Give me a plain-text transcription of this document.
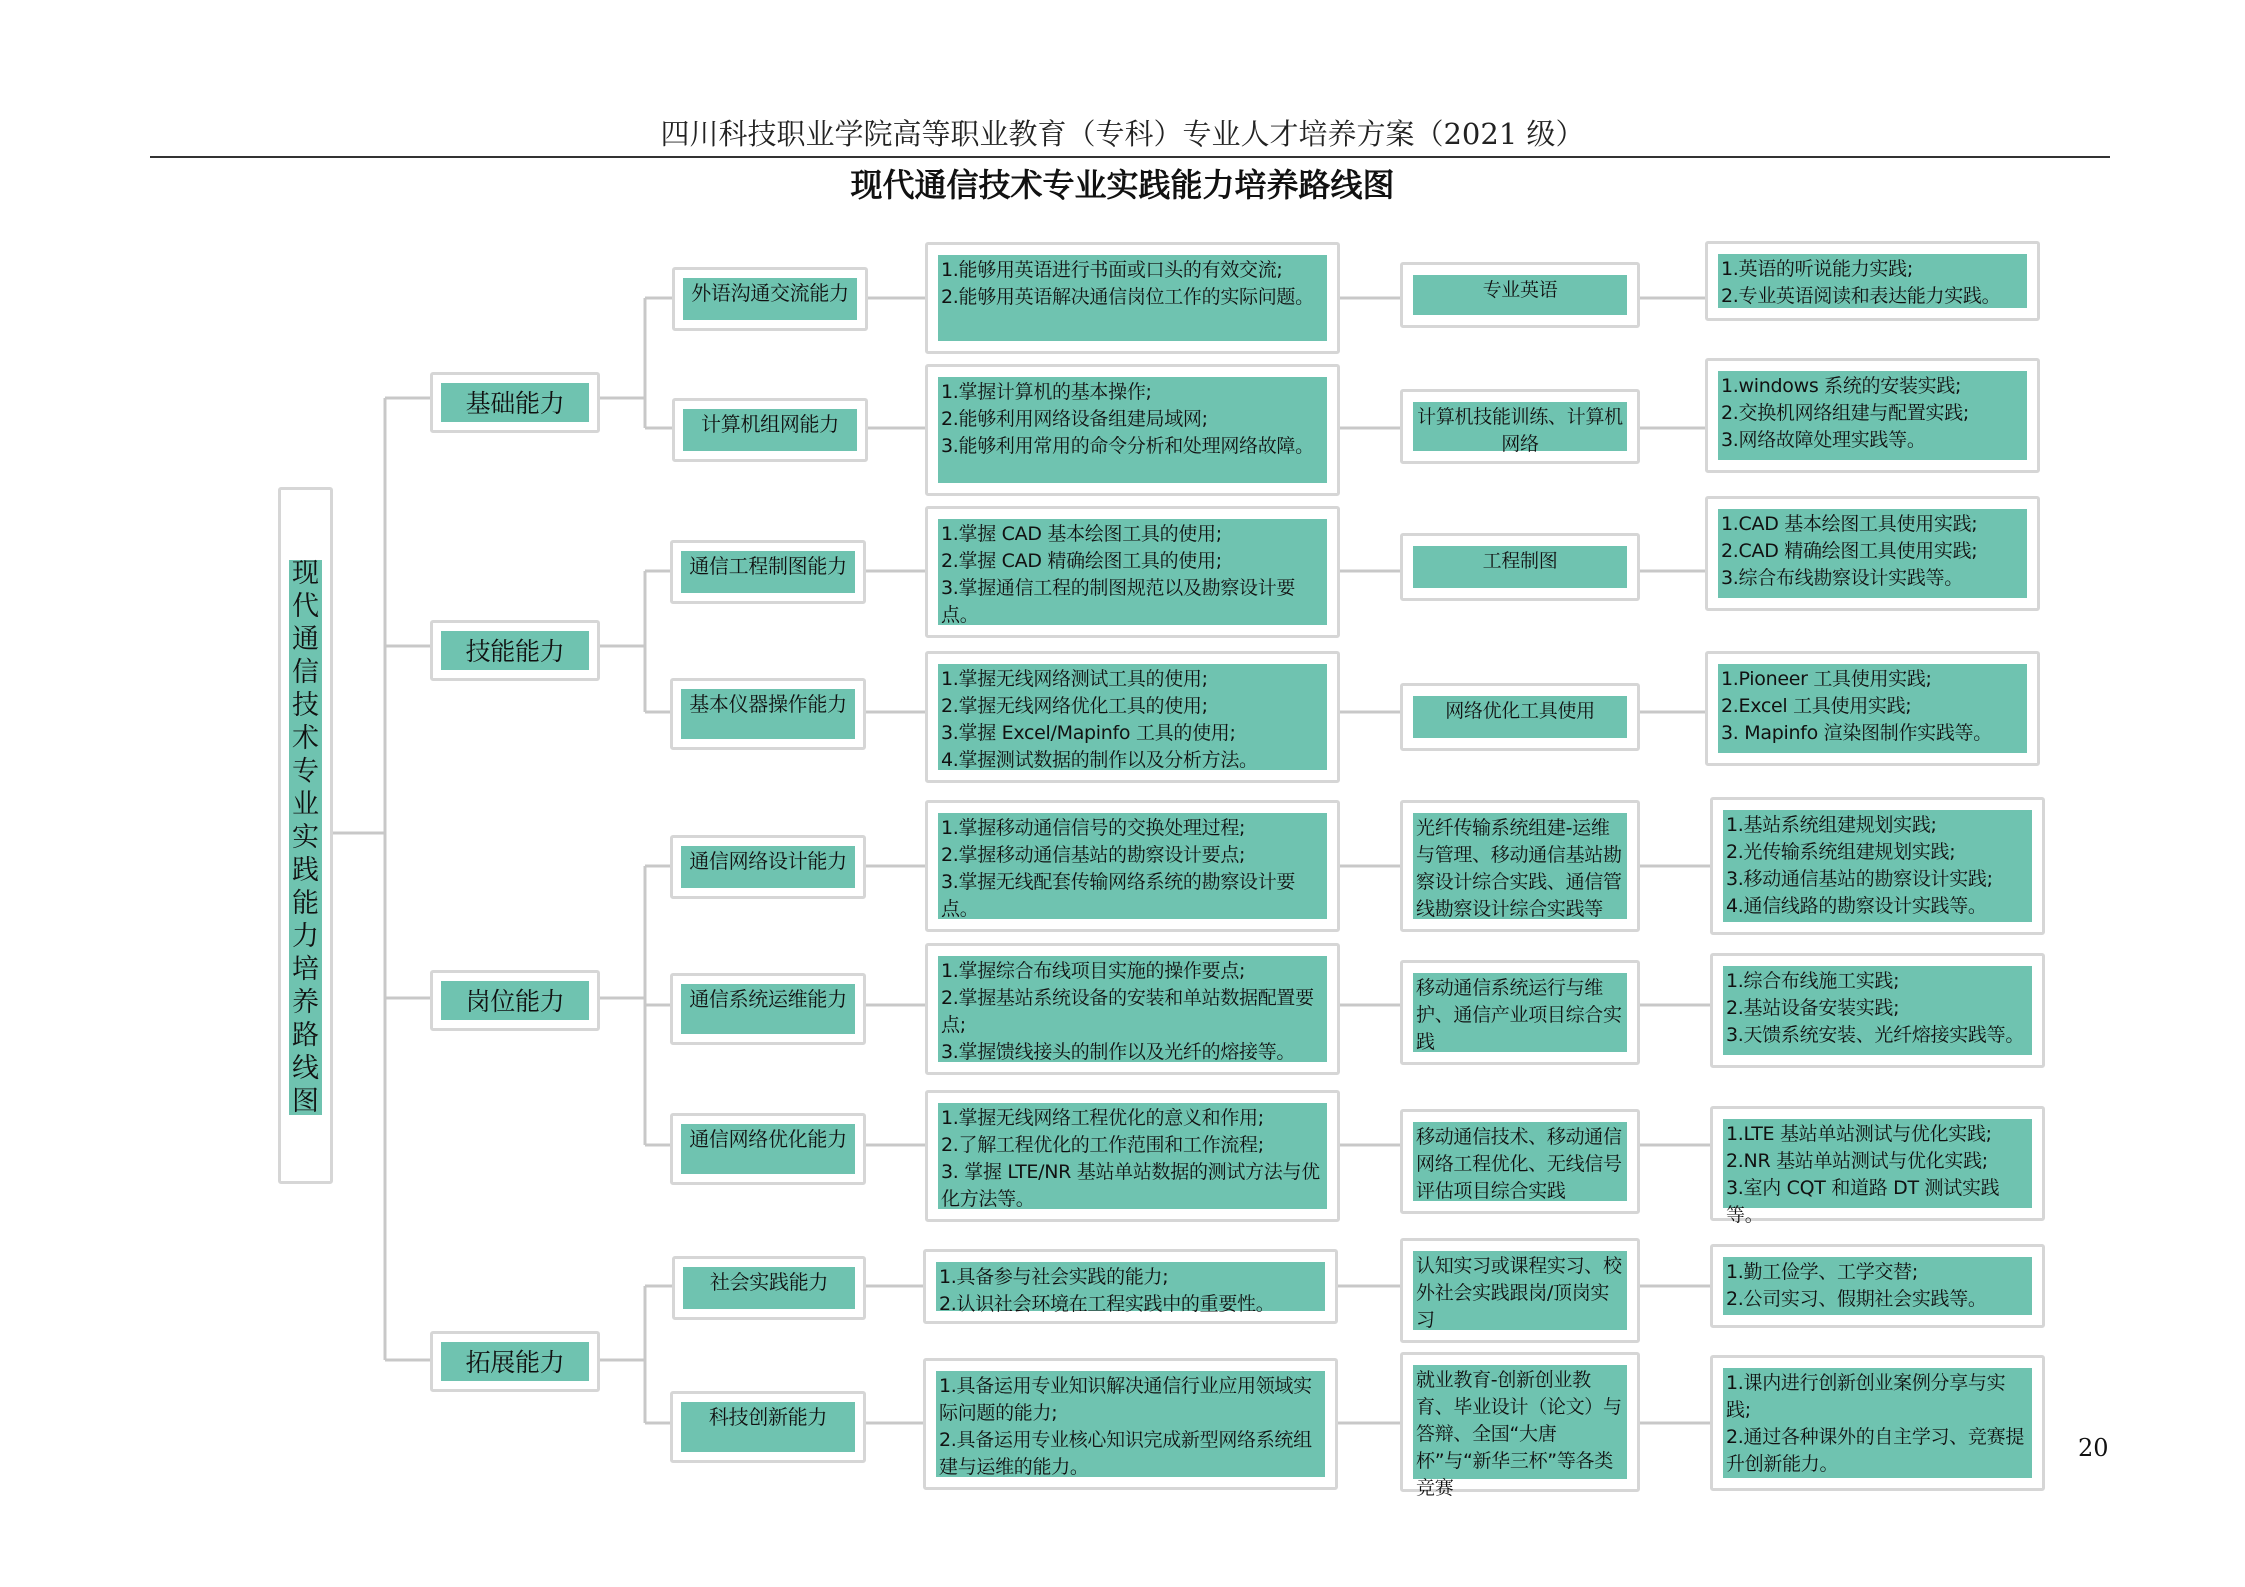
四川科技职业学院高等职业教育（专科）专业人才培养方案（2021 级）
现代通信技术专业实践能力培养路线图
现
代
通
信
技
术
专
业
实
践
能
力
培
养
路
线
图
基础能力
技能能力
岗位能力
拓展能力
外语沟通交流能力
计算机组网能力
通信工程制图能力
基本仪器操作能力
通信网络设计能力
通信系统运维能力
通信网络优化能力
社会实践能力
科技创新能力
1.能够用英语进行书面或口头的有效交流;
2.能够用英语解决通信岗位工作的实际问题。
1.掌握计算机的基本操作;
2.能够利用网络设备组建局域网;
3.能够利用常用的命令分析和处理网络故障。
1.掌握 CAD 基本绘图工具的使用;
2.掌握 CAD 精确绘图工具的使用;
3.掌握通信工程的制图规范以及勘察设计要点。
1.掌握无线网络测试工具的使用;
2.掌握无线网络优化工具的使用;
3.掌握 Excel/Mapinfo 工具的使用;
4.掌握测试数据的制作以及分析方法。
1.掌握移动通信信号的交换处理过程;
2.掌握移动通信基站的勘察设计要点;
3.掌握无线配套传输网络系统的勘察设计要点。
1.掌握综合布线项目实施的操作要点;
2.掌握基站系统设备的安装和单站数据配置要点;
3.掌握馈线接头的制作以及光纤的熔接等。
1.掌握无线网络工程优化的意义和作用;
2.了解工程优化的工作范围和工作流程;
3. 掌握 LTE/NR 基站单站数据的测试方法与优化方法等。
1.具备参与社会实践的能力;
2.认识社会环境在工程实践中的重要性。
1.具备运用专业知识解决通信行业应用领域实际问题的能力;
2.具备运用专业核心知识完成新型网络系统组建与运维的能力。
专业英语
计算机技能训练、计算机网络
工程制图
网络优化工具使用
光纤传输系统组建-运维与管理、移动通信基站勘察设计综合实践、通信管线勘察设计综合实践等
移动通信系统运行与维护、通信产业项目综合实践
移动通信技术、移动通信网络工程优化、无线信号评估项目综合实践
认知实习或课程实习、校外社会实践跟岗/顶岗实习
就业教育-创新创业教育、毕业设计（论文）与答辩、全国“大唐杯”与“新华三杯”等各类竞赛
1.英语的听说能力实践;
2.专业英语阅读和表达能力实践。
1.windows 系统的安装实践;
2.交换机网络组建与配置实践;
3.网络故障处理实践等。
1.CAD 基本绘图工具使用实践;
2.CAD 精确绘图工具使用实践;
3.综合布线勘察设计实践等。
1.Pioneer 工具使用实践;
2.Excel 工具使用实践;
3. Mapinfo 渲染图制作实践等。
1.基站系统组建规划实践;
2.光传输系统组建规划实践;
3.移动通信基站的勘察设计实践;
4.通信线路的勘察设计实践等。
1.综合布线施工实践;
2.基站设备安装实践;
3.天馈系统安装、光纤熔接实践等。
1.LTE 基站单站测试与优化实践;
2.NR 基站单站测试与优化实践;
3.室内 CQT 和道路 DT 测试实践等。
1.勤工俭学、工学交替;
2.公司实习、假期社会实践等。
1.课内进行创新创业案例分享与实践;
2.通过各种课外的自主学习、竞赛提升创新能力。
20
